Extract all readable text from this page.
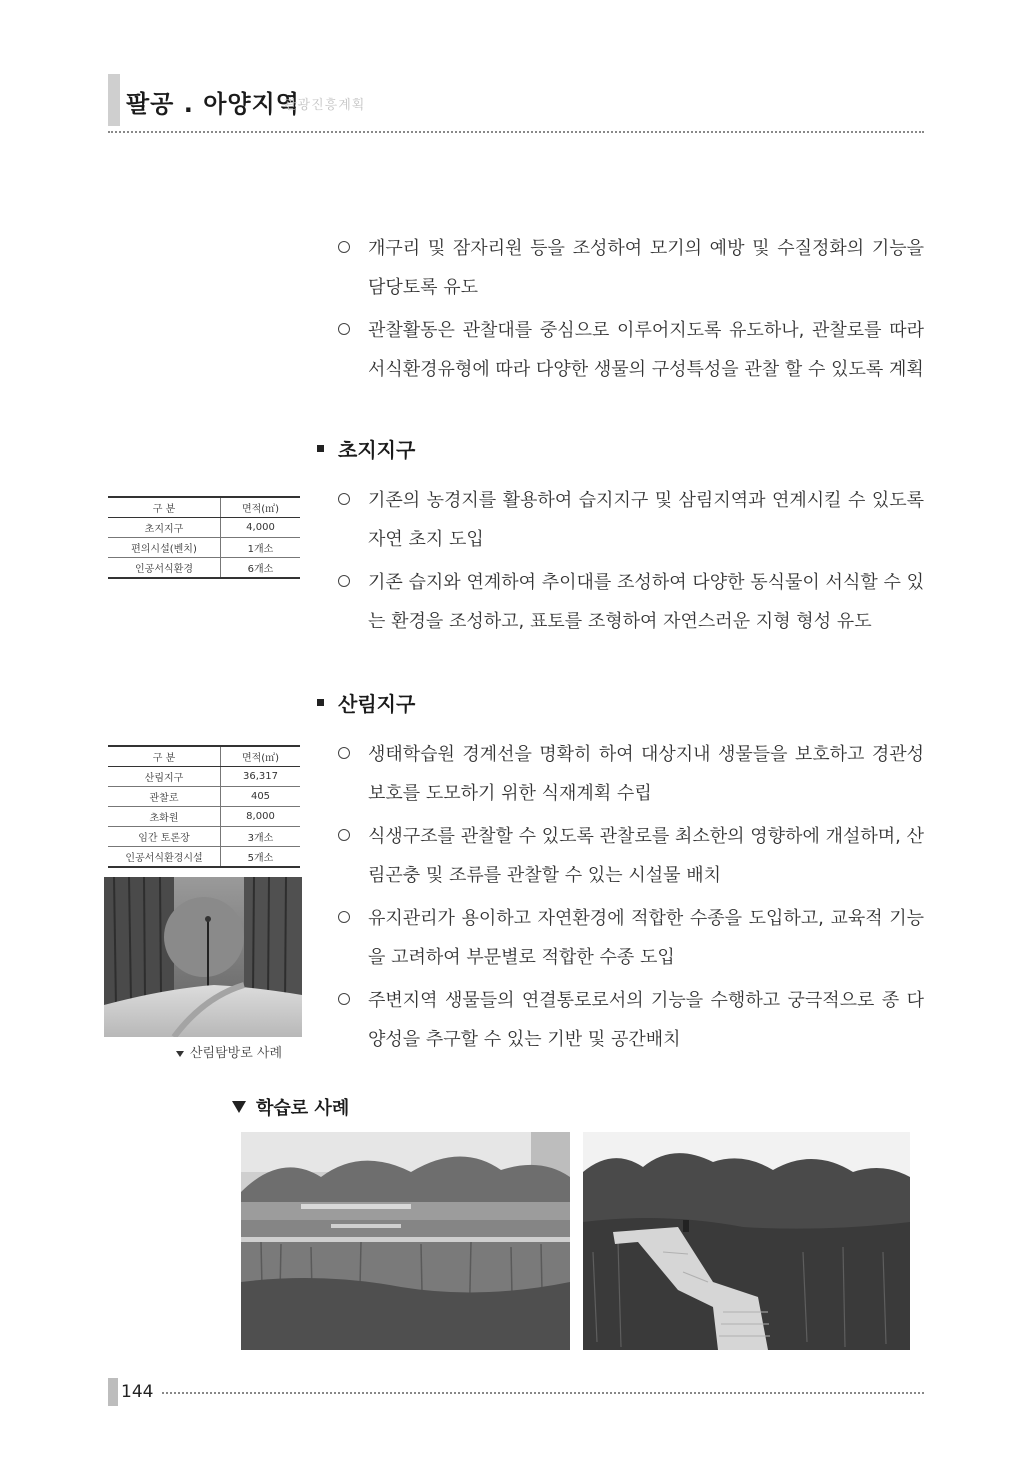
팔공 . 아양지역
관광진흥계획
개구리 및 잠자리원 등을 조성하여 모기의 예방 및 수질정화의 기능을 담당토록 유도
관찰활동은 관찰대를 중심으로 이루어지도록 유도하나, 관찰로를 따라 서식환경유형에 따라 다양한 생물의 구성특성을 관찰 할 수 있도록 계획
초지지구
구 분	면적(㎡)
초지지구	4,000
편의시설(벤치)	1개소
인공서식환경	6개소
기존의 농경지를 활용하여 습지지구 및 삼림지역과 연계시킬 수 있도록 자연 초지 도입
기존 습지와 연계하여 추이대를 조성하여 다양한 동식물이 서식할 수 있는 환경을 조성하고, 표토를 조형하여 자연스러운 지형 형성 유도
산림지구
구 분	면적(㎡)
산림지구	36,317
관찰로	405
초화원	8,000
임간 토론장	3개소
인공서식환경시설	5개소
산림탐방로 사례
생태학습원 경계선을 명확히 하여 대상지내 생물들을 보호하고 경관성 보호를 도모하기 위한 식재계획 수립
식생구조를 관찰할 수 있도록 관찰로를 최소한의 영향하에 개설하며, 산림곤충 및 조류를 관찰할 수 있는 시설물 배치
유지관리가 용이하고 자연환경에 적합한 수종을 도입하고, 교육적 기능을 고려하여 부문별로 적합한 수종 도입
주변지역 생물들의 연결통로로서의 기능을 수행하고 궁극적으로 종 다양성을 추구할 수 있는 기반 및 공간배치
학습로 사례
144
